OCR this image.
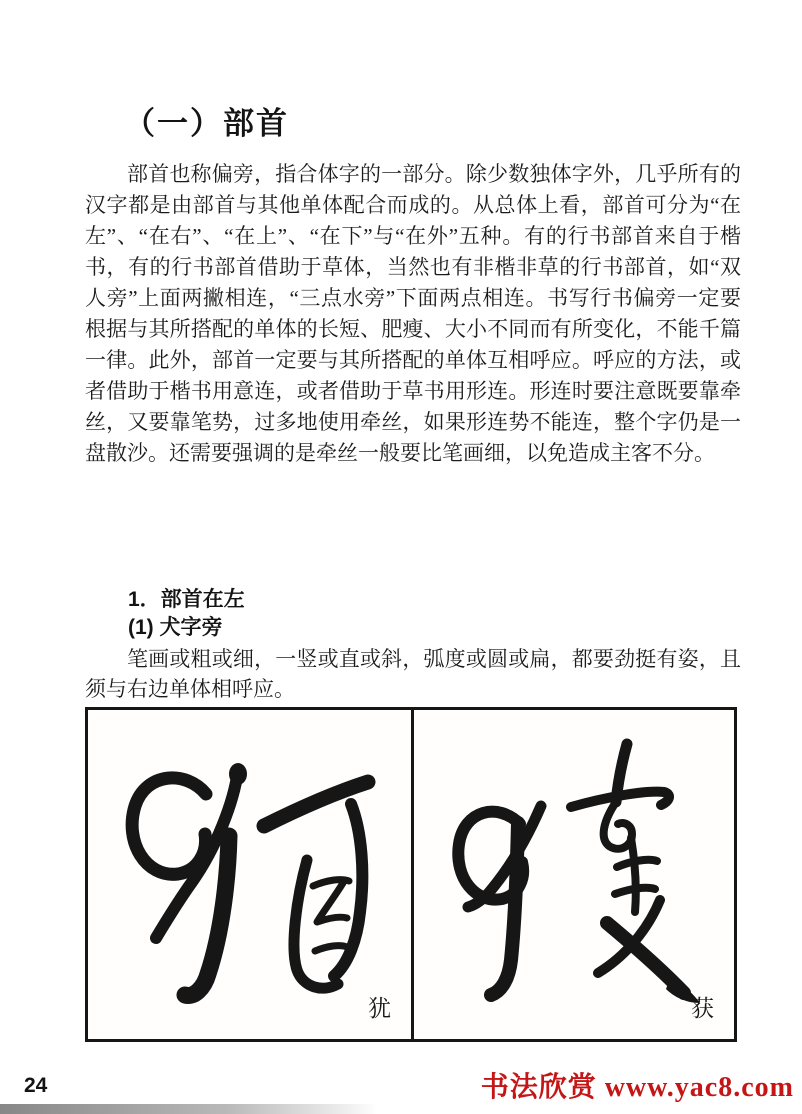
（一）部首

部首也称偏旁，指合体字的一部分。除少数独体字外，几乎所有的汉字都是由部首与其他单体配合而成的。从总体上看，部首可分为“在左”、“在右”、“在上”、“在下”与“在外”五种。有的行书部首来自于楷书，有的行书部首借助于草体，当然也有非楷非草的行书部首，如“双人旁”上面两撇相连，“三点水旁”下面两点相连。书写行书偏旁一定要根据与其所搭配的单体的长短、肥瘦、大小不同而有所变化，不能千篇一律。此外，部首一定要与其所搭配的单体互相呼应。呼应的方法，或者借助于楷书用意连，或者借助于草书用形连。形连时要注意既要靠牵丝，又要靠笔势，过多地使用牵丝，如果形连势不能连，整个字仍是一盘散沙。还需要强调的是牵丝一般要比笔画细，以免造成主客不分。

1．部首在左
(1) 犬字旁

笔画或粗或细，一竖或直或斜，弧度或圆或扁，都要劲挺有姿，且须与右边单体相呼应。

犹	获
24	书法欣赏 www.yac8.com
